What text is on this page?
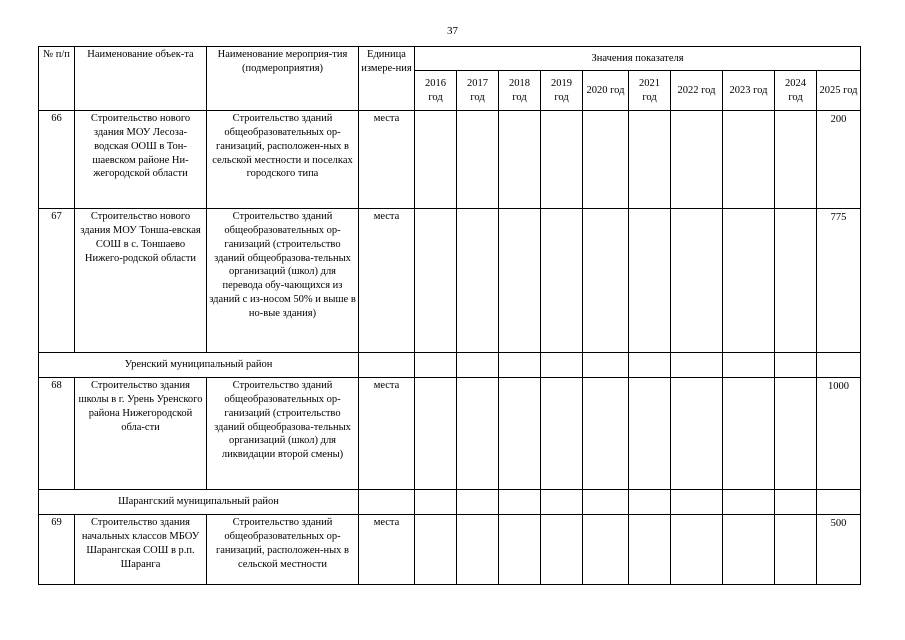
37
№ п/п	Наименование объек-та	Наименование мероприя-тия (подмероприятия)	Единица измере-ния	Значения показателя									
				2016 год	2017 год	2018 год	2019 год	2020 год	2021 год	2022 год	2023 год	2024 год	2025 год
66	Строительство нового здания МОУ Лесоза-водская ООШ в Тон-шаевском районе Ни-жегородской области	Строительство зданий общеобразовательных ор-ганизаций, расположен-ных в сельской местности и поселках городского типа	места										200
67	Строительство нового здания МОУ Тоншa-евская СОШ в с. Тоншаево Нижего-родской области	Строительство зданий общеобразовательных ор-ганизаций (строительство зданий общеобразова-тельных организаций (школ) для перевода обу-чающихся из зданий с из-носом 50% и выше в но-вые здания)	места										775
Уренский муниципальный район													
68	Строительство здания школы в г. Урень Уренского района Нижегородской обла-сти	Строительство зданий общеобразовательных ор-ганизаций (строительство зданий общеобразова-тельных организаций (школ) для ликвидации второй смены)	места										1000
Шарангский муниципальный район													
69	Строительство здания начальных классов МБОУ Шарангская СОШ в р.п. Шаранга	Строительство зданий общеобразовательных ор-ганизаций, расположен-ных в сельской местности	места										500
